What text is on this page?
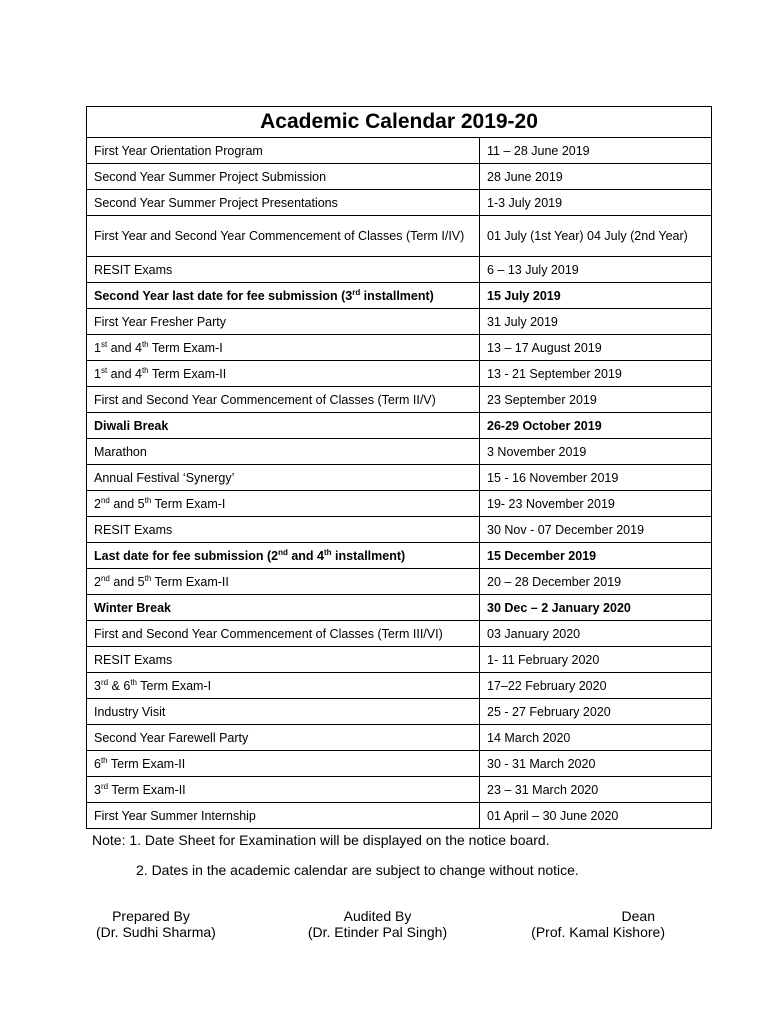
Academic Calendar 2019-20	
First Year Orientation Program	11 – 28 June 2019
Second Year Summer Project Submission	28 June 2019
Second Year Summer Project Presentations	1-3 July 2019
First Year and Second Year Commencement of Classes (Term I/IV)	01 July (1st Year) 04 July (2nd Year)
RESIT Exams	6 – 13 July 2019
Second Year last date for fee submission (3rd installment)	15 July 2019
First Year Fresher Party	31 July 2019
1st and 4th Term Exam-I	13 – 17 August 2019
1st and 4th Term Exam-II	13 - 21 September 2019
First and Second Year Commencement of Classes (Term II/V)	23 September 2019
Diwali Break	26-29 October 2019
Marathon	3 November 2019
Annual Festival ‘Synergy’	15 - 16 November 2019
2nd and 5th Term Exam-I	19- 23 November 2019
RESIT Exams	30 Nov - 07 December 2019
Last date for fee submission (2nd and 4th installment)	15 December 2019
2nd and 5th Term Exam-II	20 – 28 December 2019
Winter Break	30 Dec – 2 January 2020
First and Second Year Commencement of Classes (Term III/VI)	03 January 2020
RESIT Exams	1- 11 February 2020
3rd & 6th Term Exam-I	17–22 February 2020
Industry Visit	25 - 27 February 2020
Second Year Farewell Party	14 March 2020
6th Term Exam-II	30 - 31 March 2020
3rd Term Exam-II	23 – 31 March 2020
First Year Summer Internship	01 April – 30 June 2020
Note: 1. Date Sheet for Examination will be displayed on the notice board.
2. Dates in the academic calendar are subject to change without notice.
Prepared By
(Dr. Sudhi Sharma)
Audited By
(Dr. Etinder Pal Singh)
Dean
(Prof. Kamal Kishore)
